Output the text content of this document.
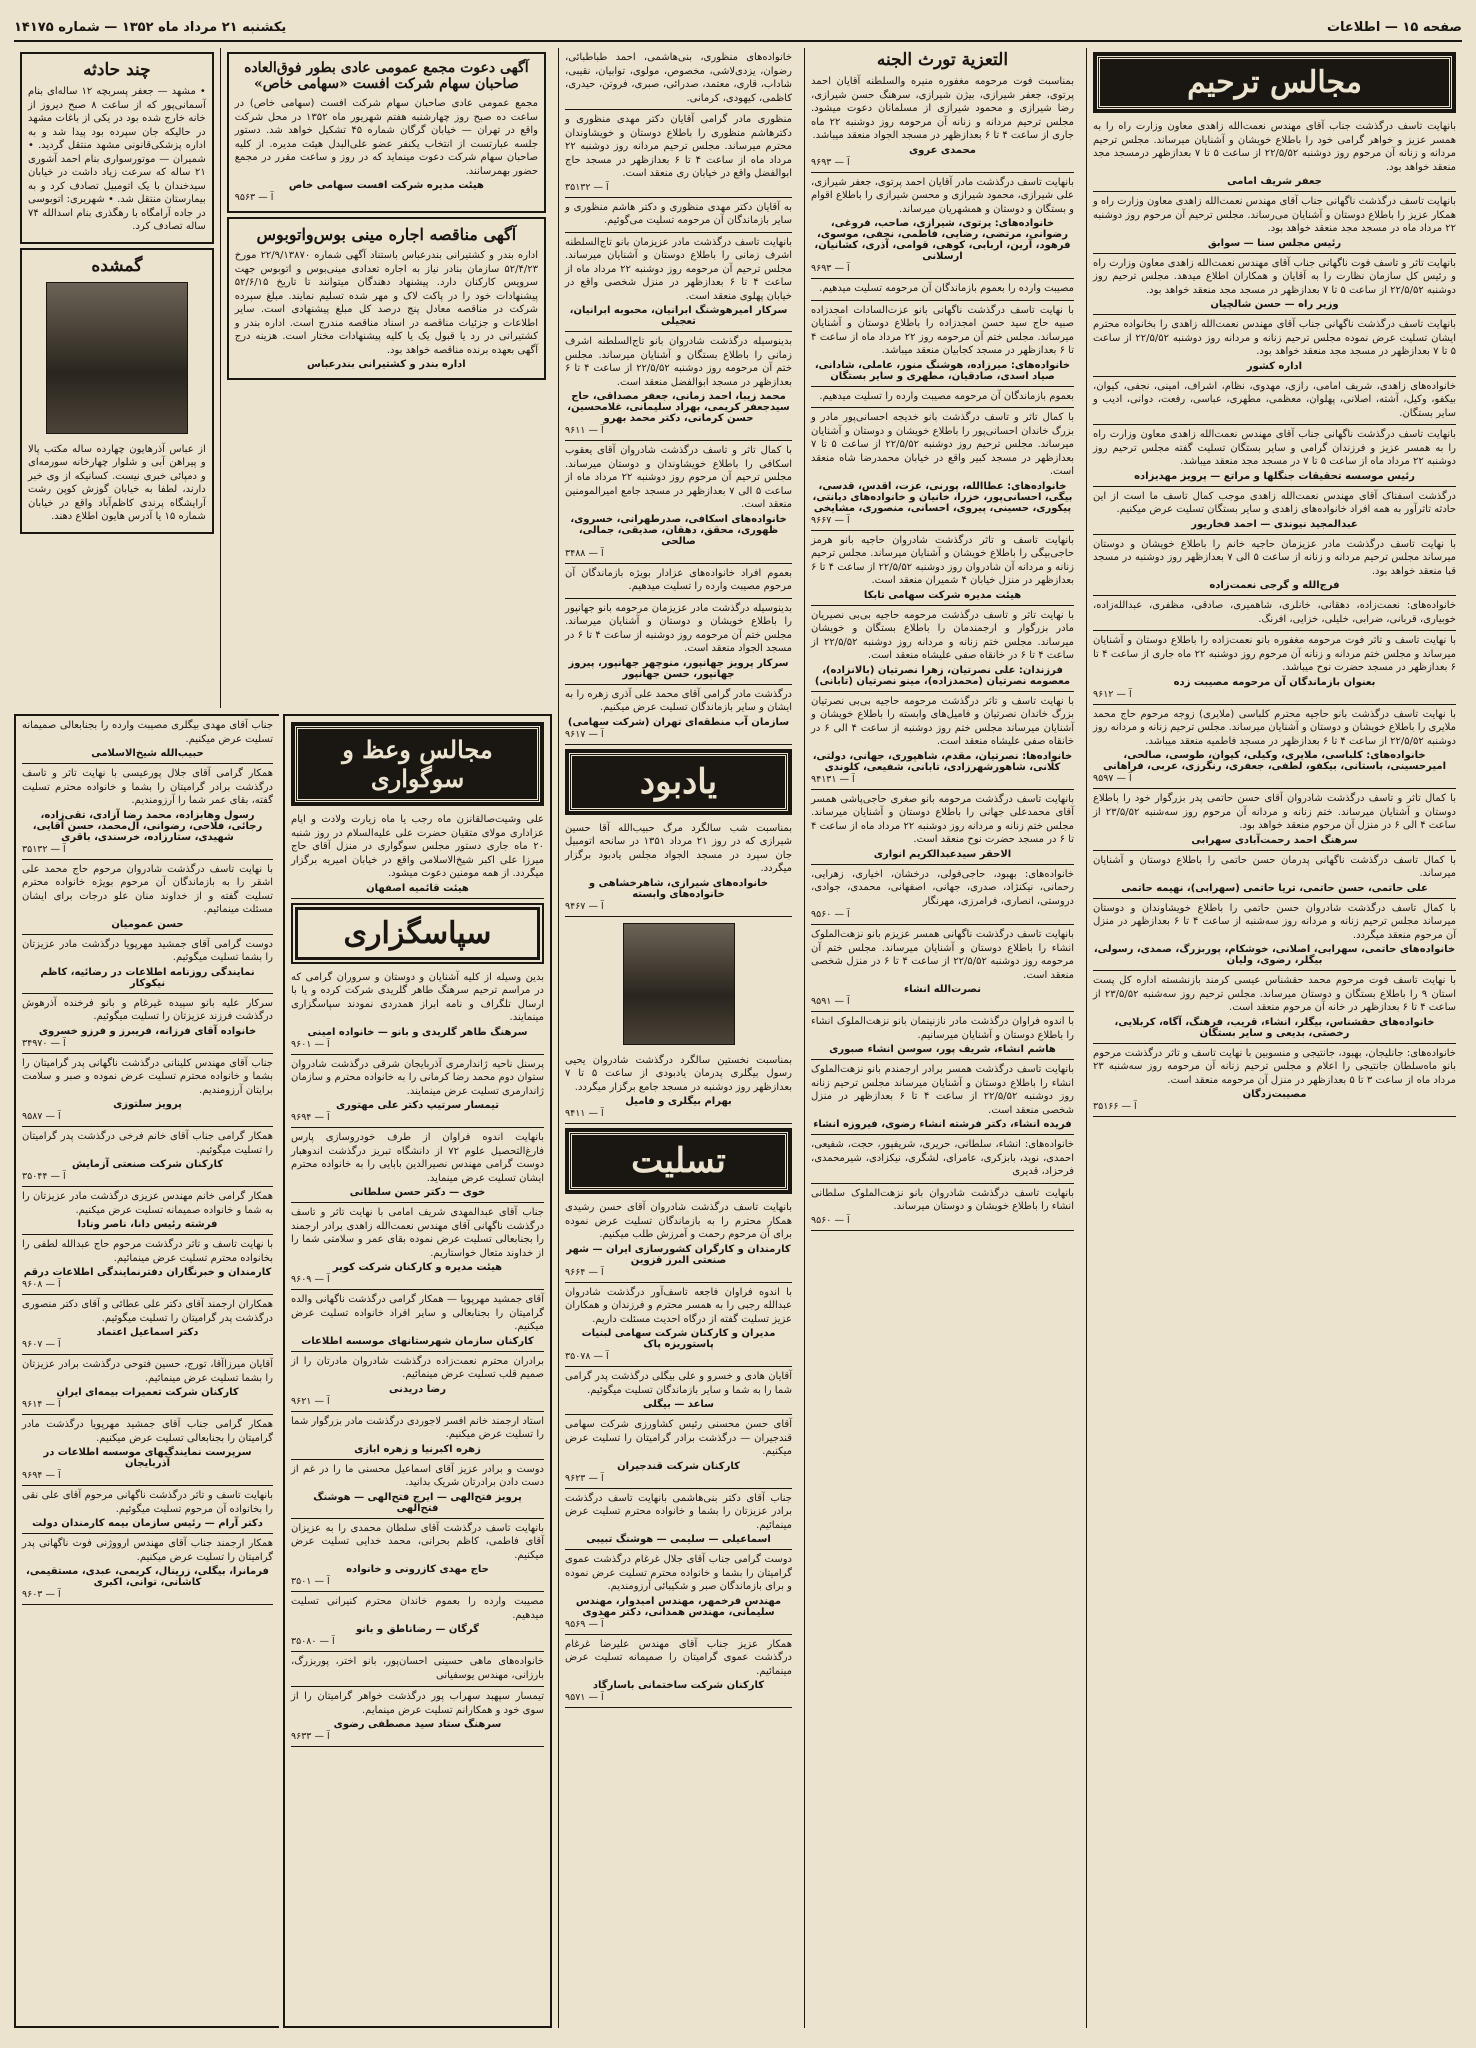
صفحه ۱۵ — اطلاعات
یکشنبه ۲۱ مرداد ماه ۱۳۵۲ — شماره ۱۴۱۷۵
مجالس ترحیم

بانهایت تاسف درگذشت جناب آقای مهندس نعمت‌الله زاهدی معاون وزارت راه را به همسر عزیز و خواهر گرامی خود را باطلاع خویشان و آشنایان میرساند. مجلس ترحیم مردانه و زنانه آن مرحوم روز دوشنبه ۲۲/۵/۵۲ از ساعت ۵ تا ۷ بعدازظهر درمسجد مجد منعقد خواهد بود.

جعفر شریف امامی

بانهایت تاسف درگذشت ناگهانی جناب آقای مهندس نعمت‌الله زاهدی معاون وزارت راه و همکار عزیز را باطلاع دوستان و آشنایان می‌رساند. مجلس ترحیم آن مرحوم روز دوشنبه ۲۲ مرداد ماه در مسجد مجد منعقد خواهد بود.

رئیس مجلس سنا — سوابق

بانهایت تاثر و تاسف فوت ناگهانی جناب آقای مهندس نعمت‌الله زاهدی معاون وزارت راه و رئیس کل سازمان نظارت را به آقایان و همکاران اطلاع میدهد. مجلس ترحیم روز دوشنبه ۲۲/۵/۵۲ از ساعت ۵ تا ۷ بعدازظهر در مسجد مجد منعقد خواهد بود.

وزیر راه — حسن شالچیان

بانهایت تاسف درگذشت ناگهانی جناب آقای مهندس نعمت‌الله زاهدی را بخانواده محترم ایشان تسلیت عرض نموده مجلس ترحیم زنانه و مردانه روز دوشنبه ۲۲/۵/۵۲ از ساعت ۵ تا ۷ بعدازظهر در مسجد مجد منعقد خواهد بود.

اداره کشور

خانواده‌های زاهدی، شریف امامی، رازی، مهدوی، نظام، اشراف، امینی، نجفی، کیوان، بیکفو، وکیل، آشته، اصلانی، پهلوان، معظمی، مطهری، عباسی، رفعت، دوانی، ادیب و سایر بستگان.

بانهایت تاسف درگذشت ناگهانی جناب آقای مهندس نعمت‌الله زاهدی معاون وزارت راه را به همسر عزیز و فرزندان گرامی و سایر بستگان تسلیت گفته مجلس ترحیم روز دوشنبه ۲۲ مرداد ماه از ساعت ۵ تا ۷ در مسجد مجد منعقد میباشد.

رئیس موسسه تحقیقات جنگلها و مراتع — پرویز مهدیزاده

درگذشت اسفناک آقای مهندس نعمت‌الله زاهدی موجب کمال تاسف ما است از این حادثه تاثرآور به همه افراد خانواده‌های زاهدی و سایر بستگان تسلیت عرض میکنیم.

عبدالمجید نیوندی — احمد فخاریور

با نهایت تاسف درگذشت مادر عزیزمان حاجیه خانم را باطلاع خویشان و دوستان میرساند مجلس ترحیم مردانه و زنانه از ساعت ۵ الی ۷ بعدازظهر روز دوشنبه در مسجد قبا منعقد خواهد بود.

فرج‌الله و گرجی نعمت‌زاده

خانواده‌های: نعمت‌زاده، دهقانی، خانلری، شاهمیری، صادقی، مظفری، عبدالله‌زاده، خوبیاری، قربانی، ضرابی، خلیلی، خزایی، افرنگ.

با نهایت تاسف و تاثر فوت مرحومه مغفوره بانو نعمت‌زاده را باطلاع دوستان و آشنایان میرساند و مجلس ختم مردانه و زنانه آن مرحوم روز دوشنبه ۲۲ ماه جاری از ساعت ۴ تا ۶ بعدازظهر در مسجد حضرت نوح میباشد.

بعنوان بازماندگان آن مرحومه مصیبت زده
آ — ۹۶۱۲

با نهایت تاسف درگذشت بانو حاجیه محترم کلباسی (ملایری) زوجه مرحوم حاج محمد ملایری را باطلاع خویشان و دوستان و آشنایان میرساند. مجلس ترحیم زنانه و مردانه روز دوشنبه ۲۲/۵/۵۲ از ساعت ۴ تا ۶ بعدازظهر در مسجد فاطمیه منعقد میباشد.

خانواده‌های: کلباسی، ملایری، وکیلی، کیوان، طوسی، صالحی، امیرحسینی، باستانی، بیکفو، لطفی، جعفری، رنگرزی، عربی، فراهانی
آ — ۹۵۹۷

با کمال تاثر و تاسف درگذشت شادروان آقای حسن حاتمی پدر بزرگوار خود را باطلاع دوستان و آشنایان میرساند. ختم زنانه و مردانه آن مرحوم روز سه‌شنبه ۲۳/۵/۵۲ از ساعت ۴ الی ۶ در منزل آن مرحوم منعقد خواهد بود.

سرهنگ احمد رحمت‌آبادی سهرابی

با کمال تاسف درگذشت ناگهانی پدرمان حسن حاتمی را باطلاع دوستان و آشنایان میرساند.

علی حاتمی، حسن حاتمی، تریا حاتمی (سهرابی)، نهیمه حاتمی

با کمال تاسف درگذشت شادروان حسن حاتمی را باطلاع خویشاوندان و دوستان میرساند مجلس ترحیم زنانه و مردانه روز سه‌شنبه از ساعت ۴ تا ۶ بعدازظهر در منزل آن مرحوم منعقد میگردد.

خانواده‌های حاتمی، سهرابی، اصلانی، خوشکام، پوربزرگ، صمدی، رسولی، بیگلر، رضوی، ولیان

با نهایت تاسف فوت مرحوم محمد حقشناس عیسی کرمند بازنشسته اداره کل پست استان ۹ را باطلاع بستگان و دوستان میرساند. مجلس ترحیم روز سه‌شنبه ۲۳/۵/۵۲ از ساعت ۴ تا ۶ بعدازظهر در خانه آن مرحوم منعقد است.

خانواده‌های حقشناس، بیگلر، انشاء، قریب، فرهنگ، آگاه، کربلایی، رخصتی، بدیعی و سایر بستگان

خانواده‌های: جانلیجان، بهبود، جانتیجی و منسوبین با نهایت تاسف و تاثر درگذشت مرحوم بانو ماه‌سلطان جانتیجی را اعلام و مجلس ترحیم زنانه آن مرحومه روز سه‌شنبه ۲۳ مرداد ماه از ساعت ۳ تا ۵ بعدازظهر در منزل آن مرحومه منعقد است.

مصیبت‌زدگان
آ — ۳۵۱۶۶
التعزیة تورث الجنه

بمناسبت فوت مرحومه مغفوره منیره والسلطنه آقایان احمد پرتوی، جعفر شیرازی، بیژن شیرازی، سرهنگ حسن شیرازی، رضا شیرازی و محمود شیرازی از مسلمانان دعوت میشود. مجلس ترحیم مردانه و زنانه آن مرحومه روز دوشنبه ۲۲ ماه جاری از ساعت ۴ تا ۶ بعدازظهر در مسجد الجواد منعقد میباشد.

محمدی عروی
آ — ۹۶۹۳

بانهایت تاسف درگذشت مادر آقایان احمد پرتوی، جعفر شیرازی، علی شیرازی، محمود شیرازی و محسن شیرازی را باطلاع اقوام و بستگان و دوستان و همشهریان میرساند.

خانواده‌های: پرتوی، شیرازی، صاحب، فروغی، رضوانی، مرتضی، رضایی، فاطمی، نجفی، موسوی، فرهود، آرین، اربابی، کوهی، قوامی، آذری، کشانیان، ارسلانی
آ — ۹۶۹۳

مصیبت وارده را بعموم بازماندگان آن مرحومه تسلیت میدهیم.

با نهایت تاسف درگذشت ناگهانی بانو عزت‌السادات امجدزاده صبیه حاج سید حسن امجدزاده را باطلاع دوستان و آشنایان میرساند. مجلس ختم آن مرحومه روز ۲۲ مرداد ماه از ساعت ۴ تا ۶ بعدازظهر در مسجد کجابیان منعقد میباشد.

خانواده‌های: میرزاده، هوشنگ منور، عاملی، شادانی، صیاد اسدی، صادقیان، مطهری و سایر بستگان

بعموم بازماندگان آن مرحومه مصیبت وارده را تسلیت میدهیم.

با کمال تاثر و تاسف درگذشت بانو خدیجه احسانی‌پور مادر و بزرگ خاندان احسانی‌پور را باطلاع خویشان و دوستان و آشنایان میرساند. مجلس ترحیم روز دوشنبه ۲۲/۵/۵۲ از ساعت ۵ تا ۷ بعدازظهر در مسجد کبیر واقع در خیابان محمدرضا شاه منعقد است.

خانواده‌های: عطاالله، پورنی، عزت، اقدس، قدسی، بیگی، احسانی‌پور، خزرا، خانیان و خانواده‌های دیانتی، پیکوری، حسینی، پیروی، احسانی، منصوری، مشایخی
آ — ۹۶۶۷

بانهایت تاسف و تاثر درگذشت شادروان حاجیه بانو هرمز حاجی‌بیگی را باطلاع خویشان و آشنایان میرساند. مجلس ترحیم زنانه و مردانه آن شادروان روز دوشنبه ۲۲/۵/۵۲ از ساعت ۴ تا ۶ بعدازظهر در منزل خیابان ۴ شمیران منعقد است.

هیئت مدیره شرکت سهامی تابکا

با نهایت تاثر و تاسف درگذشت مرحومه حاجیه بی‌بی نصیریان مادر بزرگوار و ارجمندمان را باطلاع بستگان و خویشان میرساند. مجلس ختم زنانه و مردانه روز دوشنبه ۲۲/۵/۵۲ از ساعت ۴ تا ۶ در خانقاه صفی علیشاه منعقد است.

فرزندان: علی نصرتیان، زهرا نصرتیان (بالانزاده)، معصومه نصرتیان (محمدزاده)، مینو نصرتیان (تابانی)

با نهایت تاسف و تاثر درگذشت مرحومه حاجیه بی‌بی نصرتیان بزرگ خاندان نصرتیان و فامیل‌های وابسته را باطلاع خویشان و آشنایان میرساند مجلس ختم روز دوشنبه از ساعت ۴ الی ۶ در خانقاه صفی علیشاه منعقد است.

خانواده‌ها: نصرتیان، مقدم، شاهپوری، جهانی، دولتی، کلانی، شاهورشهرزادی، تابانی، شفیعی، کلوندی
آ — ۹۴۱۳۱

بانهایت تاسف درگذشت مرحومه بانو صغری حاجی‌پاشی همسر آقای محمدعلی جهانی را باطلاع دوستان و آشنایان میرساند. مجلس ختم زنانه و مردانه روز دوشنبه ۲۲ مرداد ماه از ساعت ۴ تا ۶ در مسجد حضرت نوح منعقد است.

الاحقر سیدعبدالکریم انواری

خانواده‌های: بهبود، حاجی‌فولی، درخشان، اخیاری، زهرایی، رحمانی، نیکنژاد، صدری، جهانی، اصفهانی، محمدی، جوادی، دروستی، انصاری، فرامرزی، مهرنگار

آ — ۹۵۶۰

بانهایت تاسف درگذشت ناگهانی همسر عزیزم بانو نزهت‌الملوک انشاء را باطلاع دوستان و آشنایان میرساند. مجلس ختم آن مرحومه روز دوشنبه ۲۲/۵/۵۲ از ساعت ۴ تا ۶ در منزل شخصی منعقد است.

نصرت‌الله انشاء
آ — ۹۵۹۱

با اندوه فراوان درگذشت مادر نازنینمان بانو نزهت‌الملوک انشاء را باطلاع دوستان و آشنایان میرسانیم.

هاشم انشاء، شریف پور، سوسن انشاء صبوری

بانهایت تاسف درگذشت همسر برادر ارجمندم بانو نزهت‌الملوک انشاء را باطلاع دوستان و آشنایان میرساند مجلس ترحیم زنانه روز دوشنبه ۲۲/۵/۵۲ از ساعت ۴ تا ۶ بعدازظهر در منزل شخصی منعقد است.

فریده انشاء، دکتر فرشته انشاء رضوی، فیروزه انشاء

خانواده‌های: انشاء، سلطانی، حریری، شریفپور، حجت، شفیعی، احمدی، نوید، بابزکری، عامرای، لشگری، نیکزادی، شیرمحمدی، فرحزاد، قدیری

بانهایت تاسف درگذشت شادروان بانو نزهت‌الملوک سلطانی انشاء را باطلاع خویشان و دوستان میرساند.

آ — ۹۵۶۰

خانواده‌های منظوری، بنی‌هاشمی، احمد طباطبائی، رضوان، یزدی‌لاشی، مخصوص، مولوی، توابیان، نقیبی، شاداب، قاری، معتمد، صدرائی، صبری، فروتن، حیدری، کاظمی، کیهودی، کرمانی.

منظوری مادر گرامی آقایان دکتر مهدی منظوری و دکترهاشم منظوری را باطلاع دوستان و خویشاوندان محترم میرساند. مجلس ترحیم مردانه روز دوشنبه ۲۲ مرداد ماه از ساعت ۴ تا ۶ بعدازظهر در مسجد حاج ابوالفضل واقع در خیابان ری منعقد است.

آ — ۳۵۱۳۲

به آقایان دکتر مهدی منظوری و دکتر هاشم منظوری و سایر بازماندگان آن مرحومه تسلیت می‌گوئیم.

بانهایت تاسف درگذشت مادر عزیزمان بانو تاج‌السلطنه اشرف زمانی را باطلاع دوستان و آشنایان میرساند. مجلس ترحیم آن مرحومه روز دوشنبه ۲۲ مرداد ماه از ساعت ۴ تا ۶ بعدازظهر در منزل شخصی واقع در خیابان پهلوی منعقد است.

سرکار امیرهوشنگ ابرانیان، محبوبه ابرانیان، تعجیلی

بدینوسیله درگذشت شادروان بانو تاج‌السلطنه اشرف زمانی را باطلاع بستگان و آشنایان میرساند. مجلس ختم آن مرحومه روز دوشنبه ۲۲/۵/۵۲ از ساعت ۴ تا ۶ بعدازظهر در مسجد ابوالفضل منعقد است.

محمد زیبا، احمد زمانی، جعفر مصداقی، حاج سیدجعفر کریمی، بهراد سلیمانی، غلامحسین، حسن کرمانی، دکتر محمد بهرو
آ — ۹۶۱۱

با کمال تاثر و تاسف درگذشت شادروان آقای یعقوب اسکافی را باطلاع خویشاوندان و دوستان میرساند. مجلس ترحیم آن مرحوم روز دوشنبه ۲۲ مرداد ماه از ساعت ۵ الی ۷ بعدازظهر در مسجد جامع امیرالمومنین منعقد است.

خانواده‌های اسکافی، صدرطهرانی، خسروی، ظهوری، محقق، دهقان، صدیقی، جمالی، صالحی
آ — ۳۴۸۸

بعموم افراد خانواده‌های عزادار بویژه بازماندگان آن مرحوم مصیبت وارده را تسلیت میدهیم.

بدینوسیله درگذشت مادر عزیزمان مرحومه بانو جهانپور را باطلاع خویشان و دوستان و آشنایان میرساند. مجلس ختم آن مرحومه روز دوشنبه از ساعت ۴ تا ۶ در مسجد الجواد منعقد است.

سرکار پرویز جهانپور، منوچهر جهانپور، پیروز جهانپور، حسن جهانپور

درگذشت مادر گرامی آقای محمد علی آذری زهره را به ایشان و سایر بازماندگان تسلیت عرض میکنیم.

سازمان آب منطقه‌ای تهران (شرکت سهامی)
آ — ۹۶۱۷
یادبود

بمناسبت شب سالگرد مرگ حبیب‌الله آقا حسین شیرازی که در روز ۲۱ مرداد ۱۳۵۱ در سانحه اتومبیل جان سپرد در مسجد الجواد مجلس یادبود برگزار میگردد.

خانواده‌های شیرازی، شاهرخشاهی و خانواده‌های وابسته
آ — ۹۴۶۷

بمناسبت نخستین سالگرد درگذشت شادروان یحیی رسول بیگلری پدرمان یادبودی از ساعت ۵ تا ۷ بعدازظهر روز دوشنبه در مسجد جامع برگزار میگردد.

بهرام بیگلری و فامیل
آ — ۹۴۱۱
تسلیت

بانهایت تاسف درگذشت شادروان آقای حسن رشیدی همکار محترم را به بازماندگان تسلیت عرض نموده برای آن مرحوم رحمت و آمرزش طلب میکنیم.

کارمندان و کارگران کشورسازی ایران — شهر صنعتی البرز قزوین
آ — ۹۶۶۴

با اندوه فراوان فاجعه تاسف‌آور درگذشت شادروان عبدالله رجبی را به همسر محترم و فرزندان و همکاران عزیز تسلیت گفته از درگاه احدیت مسئلت داریم.

مدیران و کارکنان شرکت سهامی لبنیات پاستوریزه پاک
آ — ۳۵۰۷۸

آقایان هادی و خسرو و علی بیگلی درگذشت پدر گرامی شما را به شما و سایر بازماندگان تسلیت میگوئیم.

ساعد — بیگلی

آقای حسن محسنی رئیس کشاورزی شرکت سهامی قندجیران — درگذشت برادر گرامیتان را تسلیت عرض میکنیم.

کارکنان شرکت قندجیران
آ — ۹۶۲۳

جناب آقای دکتر بنی‌هاشمی بانهایت تاسف درگذشت برادر عزیزتان را بشما و خانواده محترم تسلیت عرض مینمائیم.

اسماعیلی — سلیمی — هوشنگ تبیبی

دوست گرامی جناب آقای جلال غرغام درگذشت عموی گرامیتان را بشما و خانواده محترم تسلیت عرض نموده و برای بازماندگان صبر و شکیبائی آرزومندیم.

مهندس فرخمهر، مهندس امیدوار، مهندس سلیمانی، مهندس همدانی، دکتر مهدوی
آ — ۹۵۶۹

همکار عزیز جناب آقای مهندس علیرضا غرغام درگذشت عموی گرامیتان را صمیمانه تسلیت عرض مینمائیم.

کارکنان شرکت ساختمانی باسارگاد
آ — ۹۵۷۱
آگهی دعوت مجمع عمومی عادی بطور فوق‌العاده صاحبان سهام شرکت افست «سهامی خاص»

مجمع عمومی عادی صاحبان سهام شرکت افست (سهامی خاص) در ساعت ده صبح روز چهارشنبه هفتم شهریور ماه ۱۳۵۲ در محل شرکت واقع در تهران — خیابان گرگان شماره ۴۵ تشکیل خواهد شد. دستور جلسه عبارتست از انتخاب یکنفر عضو علی‌البدل هیئت مدیره. از کلیه صاحبان سهام شرکت دعوت مینماید که در روز و ساعت مقرر در مجمع حضور بهمرسانند.

هیئت مدیره شرکت افست سهامی خاص
آ — ۹۵۶۳
آگهی مناقصه اجاره مینی بوس‌واتوبوس

اداره بندر و کشتیرانی بندرعباس باستناد آگهی شماره ۲۲/۹/۱۳۸۷۰ مورخ ۵۲/۴/۲۳ سازمان بنادر نیاز به اجاره تعدادی مینی‌بوس و اتوبوس جهت سرویس کارکنان دارد. پیشنهاد دهندگان میتوانند تا تاریخ ۵۲/۶/۱۵ پیشنهادات خود را در پاکت لاک و مهر شده تسلیم نمایند. مبلغ سپرده شرکت در مناقصه معادل پنج درصد کل مبلغ پیشنهادی است. سایر اطلاعات و جزئیات مناقصه در اسناد مناقصه مندرج است. اداره بندر و کشتیرانی در رد یا قبول یک یا کلیه پیشنهادات مختار است. هزینه درج آگهی بعهده برنده مناقصه خواهد بود.

اداره بندر و کشتیرانی بندرعباس
چند حادثه

• مشهد — جعفر پسربچه ۱۲ ساله‌ای بنام آسمانی‌پور که از ساعت ۸ صبح دیروز از خانه خارج شده بود در یکی از باغات مشهد در حالیکه جان سپرده بود پیدا شد و به اداره پزشکی‌قانونی مشهد منتقل گردید. • شمیران — موتورسواری بنام احمد آشوری ۲۱ ساله که سرعت زیاد داشت در خیابان سیدخندان با یک اتومبیل تصادف کرد و به بیمارستان منتقل شد. • شهریری: اتوبوسی در جاده آرامگاه با رهگذری بنام اسدالله ۷۴ ساله تصادف کرد.

گمشده

از عباس آذرهایون چهارده ساله مکتب پالا و پیراهن آبی و شلوار چهارخانه سورمه‌ای و دمپائی خبری نیست. کسانیکه از وی خبر دارند، لطفا به خیابان گوزش کوپن رشت آرایشگاه پرندی کاظم‌آباد واقع در خیابان شماره ۱۵ یا آدرس هایون اطلاع دهند.

مجالس وعظ و سوگواری

علی وشیت‌صالقانزن ماه رجب یا ماه زیارت ولادت و ایام عزاداری مولای متقیان حضرت علی علیه‌السلام در روز شنبه ۲۰ ماه جاری دستور مجلس سوگواری در منزل آقای حاج میرزا علی اکبر شیخ‌الاسلامی واقع در خیابان امیریه برگزار میگردد. از همه مومنین دعوت میشود.

هیئت قائمیه اصفهان
سپاسگزاری

بدین وسیله از کلیه آشنایان و دوستان و سروران گرامی که در مراسم ترحیم سرهنگ طاهر گلریدی شرکت کرده و یا با ارسال تلگراف و نامه ابراز همدردی نمودند سپاسگزاری مینمایند.

سرهنگ طاهر گلریدی و بانو — خانواده امینی
آ — ۹۶۰۱

پرسنل ناحیه ژاندارمری آذربایجان شرقی درگذشت شادروان ستوان دوم محمد رضا کرمانی را به خانواده محترم و سازمان ژاندارمری تسلیت عرض مینمایند.

تیمسار سرتیپ دکتر علی مهتوری
آ — ۹۶۹۴

بانهایت اندوه فراوان از طرف خودروسازی پارس فارغ‌التحصیل علوم ۷۲ از دانشگاه تبریز درگذشت اندوهبار دوست گرامی مهندس نصیرالدین بابایی را به خانواده محترم ایشان تسلیت عرض مینماید.

خوی — دکتر حسن سلطانی

جناب آقای عبدالمهدی شریف امامی با نهایت تاثر و تاسف درگذشت ناگهانی آقای مهندس نعمت‌الله زاهدی برادر ارجمند را بجنابعالی تسلیت عرض نموده بقای عمر و سلامتی شما را از خداوند متعال خواستاریم.

هیئت مدیره و کارکنان شرکت کویر
آ — ۹۶۰۹

آقای جمشید مهرپویا — همکار گرامی درگذشت ناگهانی والده گرامیتان را بجنابعالی و سایر افراد خانواده تسلیت عرض میکنیم.

کارکنان سازمان شهرستانهای موسسه اطلاعات

برادران محترم نعمت‌زاده درگذشت شادروان مادرتان را از صمیم قلب تسلیت عرض مینمائیم.

رضا دریدنی
آ — ۹۶۲۱

استاد ارجمند خانم افسر لاجوردی درگذشت مادر بزرگوار شما را تسلیت عرض میکنیم.

زهره اکبرنیا و زهره ابازی

دوست و برادر عزیز آقای اسماعیل محسنی ما را در غم از دست دادن برادرتان شریک بدانید.

پرویز فتح‌الهی — ایرج فتح‌الهی — هوشنگ فتح‌الهی

بانهایت تاسف درگذشت آقای سلطان محمدی را به عزیزان آقای فاطمی، کاظم بحرانی، محمد خدایی تسلیت عرض میکنیم.

حاج مهدی کازرونی و خانواده
آ — ۳۵۰۱

مصیبت وارده را بعموم خاندان محترم کنیرانی تسلیت میدهیم.

گرگان — رضاناطق و بانو
آ — ۳۵۰۸۰

خانواده‌های ماهی حسینی احسان‌پور، بانو اختر، پوربزرگ، بارزانی، مهندس یوسفیانی

تیمسار سپهبد سهراب پور درگذشت خواهر گرامیتان را از سوی خود و همکارانم تسلیت عرض مینمایم.

سرهنگ ستاد سید مصطفی رضوی
آ — ۹۶۳۳

جناب آقای مهدی بیگلری مصیبت وارده را بجنابعالی صمیمانه تسلیت عرض میکنیم.

حبیب‌الله شیخ‌الاسلامی

همکار گرامی آقای جلال پورعیسی با نهایت تاثر و تاسف درگذشت برادر گرامیتان را بشما و خانواده محترم تسلیت گفته، بقای عمر شما را آرزومندیم.

رسول وهابزاده، محمد رضا آزادی، تقی‌زاده، رجائی، فلاحی، رضوانی، آل‌محمد، حسن آقایی، شهیدی، ستارزاده، خرسندی، باقری
آ — ۳۵۱۳۲

با نهایت تاسف درگذشت شادروان مرحوم حاج محمد علی اشقر را به بازماندگان آن مرحوم بویژه خانواده محترم تسلیت گفته و از خداوند منان علو درجات برای ایشان مسئلت مینمائیم.

حسن عمومیان

دوست گرامی آقای جمشید مهرپویا درگذشت مادر عزیزتان را بشما تسلیت میگوئیم.

نمایندگی روزنامه اطلاعات در رضائیه، کاظم نیکوکار

سرکار علیه بانو سپیده غیرغام و بانو فرخنده آذرهوش درگذشت فرزند عزیزتان را تسلیت میگوئیم.

خانواده آقای فرزانه، فریبرز و فرزو خسروی
آ — ۳۴۹۷۰

جناب آقای مهندس کلینانی درگذشت ناگهانی پدر گرامیتان را بشما و خانواده محترم تسلیت عرض نموده و صبر و سلامت برایتان آرزومندیم.

پرویز سلتوزی
آ — ۹۵۸۷

همکار گرامی جناب آقای خانم فرخی درگذشت پدر گرامیتان را تسلیت میگوئیم.

کارکنان شرکت صنعتی آزمایش
آ — ۳۵۰۴۴

همکار گرامی خانم مهندس عزیزی درگذشت مادر عزیزتان را به شما و خانواده صمیمانه تسلیت عرض میکنیم.

فرشته رئیس دانا، ناصر ونادا

با نهایت تاسف و تاثر درگذشت مرحوم حاج عبدالله لطفی را بخانواده محترم تسلیت عرض مینمائیم.

کارمندان و خبرنگاران دفترنمایندگی اطلاعات درقم
آ — ۹۶۰۸

همکاران ارجمند آقای دکتر علی عطائی و آقای دکتر منصوری درگذشت پدر گرامیتان را تسلیت میگوئیم.

دکتر اسماعیل اعتماد
آ — ۹۶۰۷

آقایان میرزاآقا، تورج، حسین فتوحی درگذشت برادر عزیزتان را بشما تسلیت عرض مینمائیم.

کارکنان شرکت تعمیرات بیمه‌ای ایران
آ — ۹۶۱۴

همکار گرامی جناب آقای جمشید مهرپویا درگذشت مادر گرامیتان را بجنابعالی تسلیت عرض میکنیم.

سرپرست نمایندگیهای موسسه اطلاعات در آذربایجان
آ — ۹۶۹۴

بانهایت تاسف و تاثر درگذشت ناگهانی مرحوم آقای علی نقی را بخانواده آن مرحوم تسلیت میگوئیم.

دکتر آرام — رئیس سازمان بیمه کارمندان دولت

همکار ارجمند جناب آقای مهندس ارووژنی فوت ناگهانی پدر گرامیتان را تسلیت عرض میکنیم.

فرمانرا، بیگلی، زرینال، کریمی، عبدی، مستقیمی، کاشانی، توانی، اکبری
آ — ۹۶۰۳
